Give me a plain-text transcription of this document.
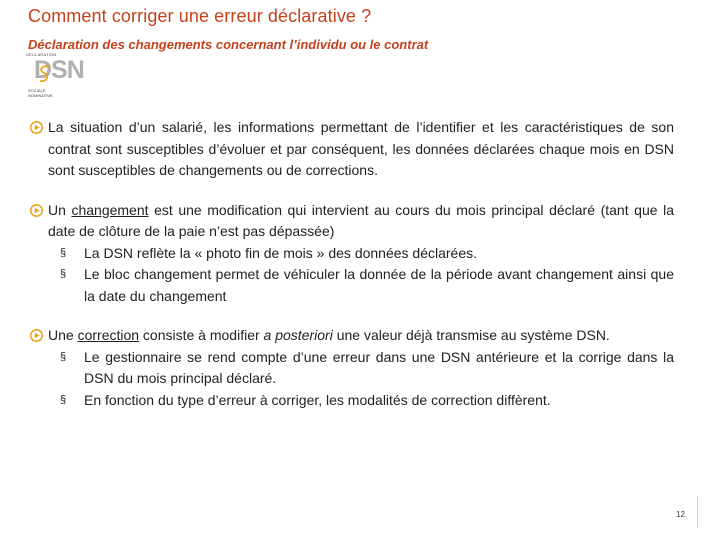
Comment corriger une erreur déclarative ?
Déclaration des changements concernant l’individu ou le contrat
DÉCLARATION
DSN
SOCIALE
NOMINATIVE
La situation d’un salarié, les informations permettant de l’identifier et les caractéristiques de son contrat sont susceptibles d’évoluer et par conséquent, les données déclarées chaque mois en DSN sont susceptibles de changements ou de corrections.
Un changement est une modification qui intervient au cours du mois principal déclaré (tant que la date de clôture de la paie n’est pas dépassée)
§ La DSN reflète la « photo fin de mois » des données déclarées.
§ Le bloc changement permet de véhiculer la donnée de la période avant changement ainsi que la date du changement
Une correction consiste à modifier a posteriori une valeur déjà transmise au système DSN.
§ Le gestionnaire se rend compte d’une erreur dans une DSN antérieure et la corrige dans la DSN du mois principal déclaré.
§ En fonction du type d’erreur à corriger, les modalités de correction diffèrent.
12
